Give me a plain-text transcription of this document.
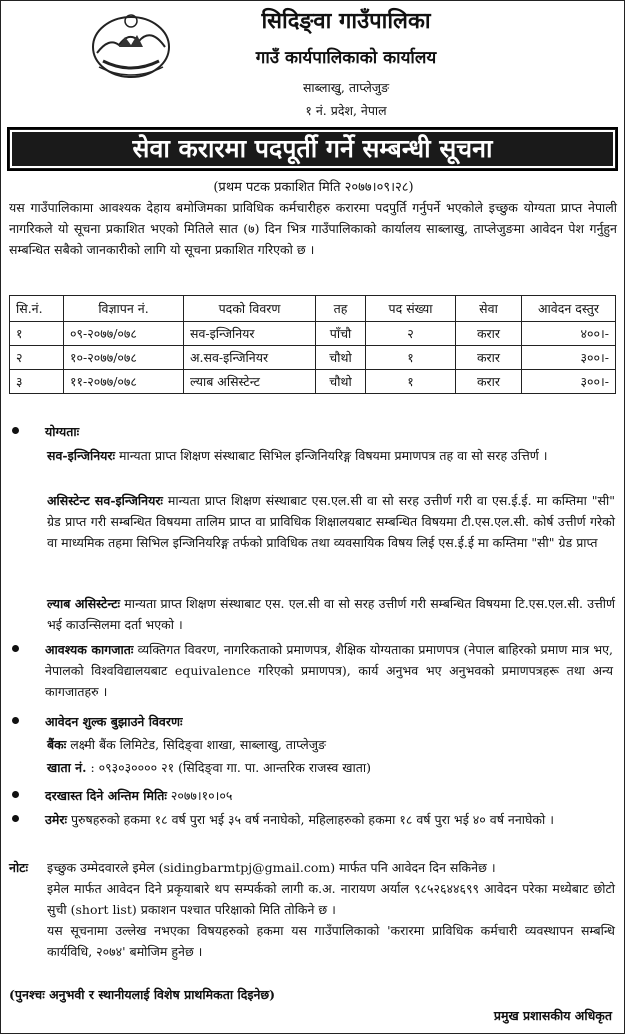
सिदिङ्वा गाउँपालिका
गाउँ कार्यपालिकाको कार्यालय
साब्लाखु, ताप्लेजुङ
१ नं. प्रदेश, नेपाल
सेवा करारमा पदपूर्ती गर्ने सम्बन्धी सूचना
(प्रथम पटक प्रकाशित मिति २०७७।०९।२८)
यस गाउँपालिकामा आवश्यक देहाय बमोजिमका प्राविधिक कर्मचारीहरु करारमा पदपुर्ति गर्नुपर्ने भएकोले इच्छुक योग्यता प्राप्त नेपाली नागरिकले यो सूचना प्रकाशित भएको मितिले सात (७) दिन भित्र गाउँपालिकाको कार्यालय साब्लाखु, ताप्लेजुङमा आवेदन पेश गर्नुहुन सम्बन्धित सबैको जानकारीको लागि यो सूचना प्रकाशित गरिएको छ ।
सि.नं.	विज्ञापन नं.	पदको विवरण	तह	पद संख्या	सेवा	आवेदन दस्तुर
१	०९-२०७७/०७८	सव-इन्जिनियर	पाँचौ	२	करार	४००।-
२	१०-२०७७/०७८	अ.सव-इन्जिनियर	चौथो	१	करार	३००।-
३	११-२०७७/०७८	ल्याब असिस्टेन्ट	चौथो	१	करार	३००।-
योग्यताः
सव-इन्जिनियरः मान्यता प्राप्त शिक्षण संस्थाबाट सिभिल इन्जिनियरिङ्ग विषयमा प्रमाणपत्र तह वा सो सरह उत्तिर्ण ।
असिस्टेन्ट सव-इन्जिनियरः मान्यता प्राप्त शिक्षण संस्थाबाट एस.एल.सी वा सो सरह उत्तीर्ण गरी वा एस.ई.ई. मा कम्तिमा "सी" ग्रेड प्राप्त गरी सम्बन्धित विषयमा तालिम प्राप्त वा प्राविधिक शिक्षालयबाट सम्बन्धित विषयमा टी.एस.एल.सी. कोर्ष उत्तीर्ण गरेको वा माध्यमिक तहमा सिभिल इन्जिनियरिङ्ग तर्फको प्राविधिक तथा व्यवसायिक विषय लिई एस.ई.ई मा कम्तिमा "सी" ग्रेड प्राप्त
ल्याब असिस्टेन्टः मान्यता प्राप्त शिक्षण संस्थाबाट एस. एल.सी वा सो सरह उत्तीर्ण गरी सम्बन्धित विषयमा टि.एस.एल.सी. उत्तीर्ण भई काउन्सिलमा दर्ता भएको ।
आवश्यक कागजातः व्यक्तिगत विवरण, नागरिकताको प्रमाणपत्र, शैक्षिक योग्यताका प्रमाणपत्र (नेपाल बाहिरको प्रमाण मात्र भए, नेपालको विश्वविद्यालयबाट equivalence गरिएको प्रमाणपत्र), कार्य अनुभव भए अनुभवको प्रमाणपत्रहरू तथा अन्य कागजातहरु ।
आवेदन शुल्क बुझाउने विवरणः
बैंकः लक्ष्मी बैंक लिमिटेड, सिदिङ्वा शाखा, साब्लाखु, ताप्लेजुङ
खाता नं. : ०९३०३०००० २१ (सिदिङ्वा गा. पा. आन्तरिक राजस्व खाता)
दरखास्त दिने अन्तिम मितिः २०७७।१०।०५
उमेरः पुरुषहरुको हकमा १८ वर्ष पुरा भई ३५ वर्ष ननाघेको, महिलाहरुको हकमा १८ वर्ष पुरा भई ४० वर्ष ननाघेको ।
नोटः इच्छुक उम्मेदवारले इमेल (sidingbarmtpj@gmail.com) मार्फत पनि आवेदन दिन सकिनेछ ।
इमेल मार्फत आवेदन दिने प्रकृयाबारे थप सम्पर्कको लागी क.अ. नारायण अर्याल ९८५२६४४६९९ आवेदन परेका मध्येबाट छोटो सुची (short list) प्रकाशन पश्चात परिक्षाको मिति तोकिने छ ।
यस सूचनामा उल्लेख नभएका विषयहरुको हकमा यस गाउँपालिकाको 'करारमा प्राविधिक कर्मचारी व्यवस्थापन सम्बन्धि कार्यविधि, २०७४' बमोजिम हुनेछ ।
(पुनश्चः अनुभवी र स्थानीयलाई विशेष प्राथमिकता दिइनेछ)
प्रमुख प्रशासकीय अधिकृत
